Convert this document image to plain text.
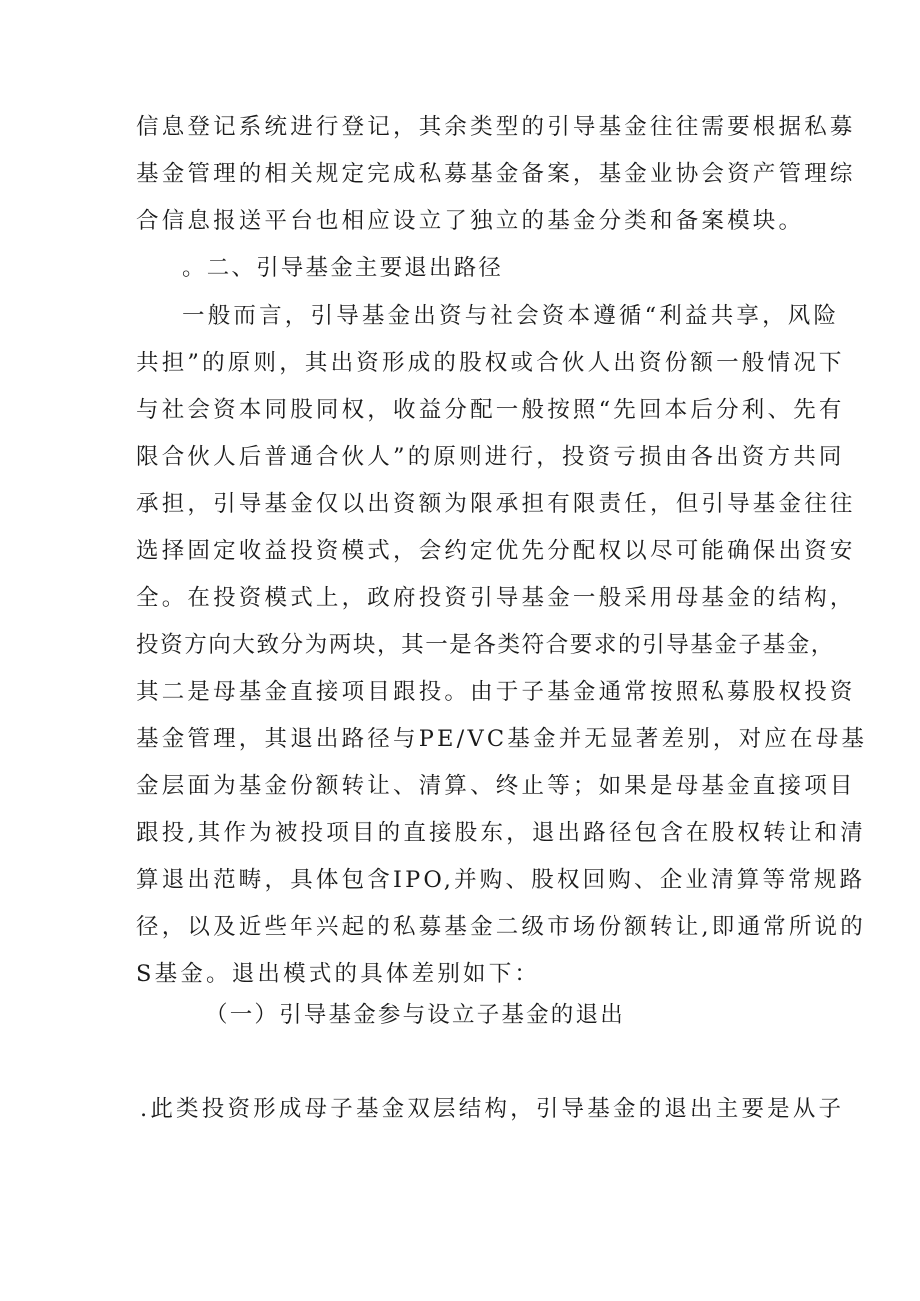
信息登记系统进行登记，其余类型的引导基金往往需要根据私募
基金管理的相关规定完成私募基金备案，基金业协会资产管理综
合信息报送平台也相应设立了独立的基金分类和备案模块。
。二、引导基金主要退出路径
一般而言，引导基金出资与社会资本遵循“利益共享，风险
共担”的原则，其出资形成的股权或合伙人出资份额一般情况下
与社会资本同股同权，收益分配一般按照“先回本后分利、先有
限合伙人后普通合伙人”的原则进行，投资亏损由各出资方共同
承担，引导基金仅以出资额为限承担有限责任，但引导基金往往
选择固定收益投资模式，会约定优先分配权以尽可能确保出资安
全。在投资模式上，政府投资引导基金一般采用母基金的结构，
投资方向大致分为两块，其一是各类符合要求的引导基金子基金，
其二是母基金直接项目跟投。由于子基金通常按照私募股权投资
基金管理，其退出路径与PE/VC基金并无显著差别，对应在母基
金层面为基金份额转让、清算、终止等；如果是母基金直接项目
跟投,其作为被投项目的直接股东，退出路径包含在股权转让和清
算退出范畴，具体包含IPO,并购、股权回购、企业清算等常规路
径，以及近些年兴起的私募基金二级市场份额转让,即通常所说的
S基金。退出模式的具体差别如下：
（一）引导基金参与设立子基金的退出
.此类投资形成母子基金双层结构，引导基金的退出主要是从子
